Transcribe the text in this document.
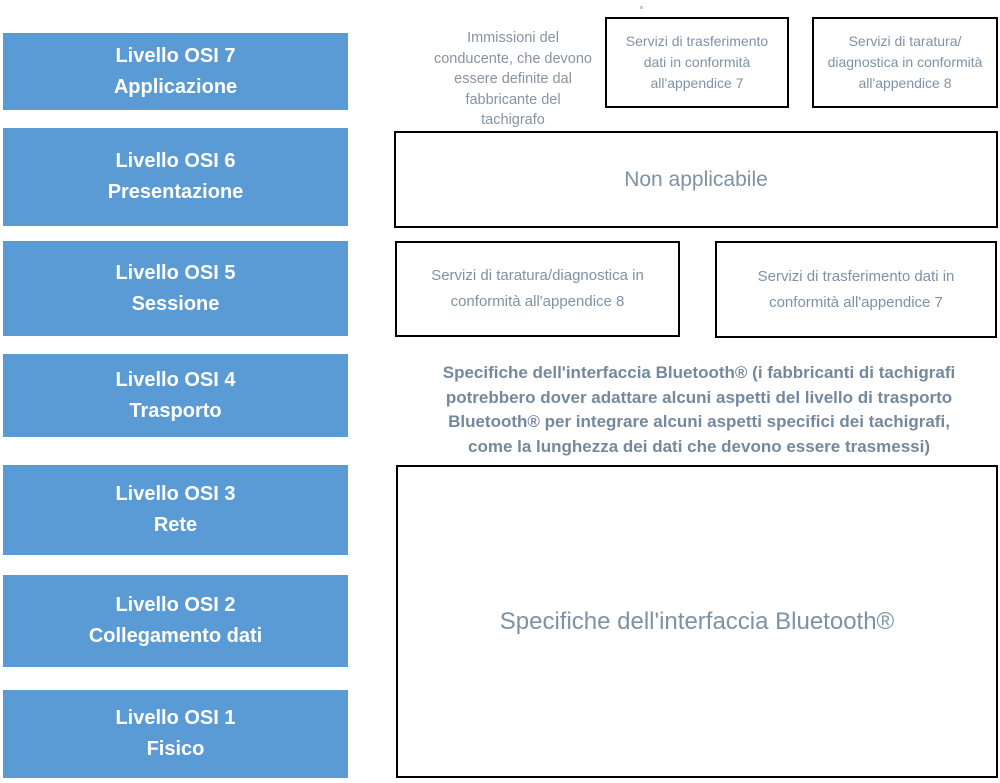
Livello OSI 7
Applicazione
Livello OSI 6
Presentazione
Livello OSI 5
Sessione
Livello OSI 4
Trasporto
Livello OSI 3
Rete
Livello OSI 2
Collegamento dati
Livello OSI 1
Fisico
Immissioni del
conducente, che devono
essere definite dal
fabbricante del
tachigrafo
Servizi di trasferimento
dati in conformità
all'appendice 7
Servizi di taratura/
diagnostica in conformità
all'appendice 8
Non applicabile
Servizi di taratura/diagnostica in
conformità all'appendice 8
Servizi di trasferimento dati in
conformità all'appendice 7
Specifiche dell'interfaccia Bluetooth® (i fabbricanti di tachigrafi
potrebbero dover adattare alcuni aspetti del livello di trasporto
Bluetooth® per integrare alcuni aspetti specifici dei tachigrafi,
come la lunghezza dei dati che devono essere trasmessi)
Specifiche dell'interfaccia Bluetooth®
